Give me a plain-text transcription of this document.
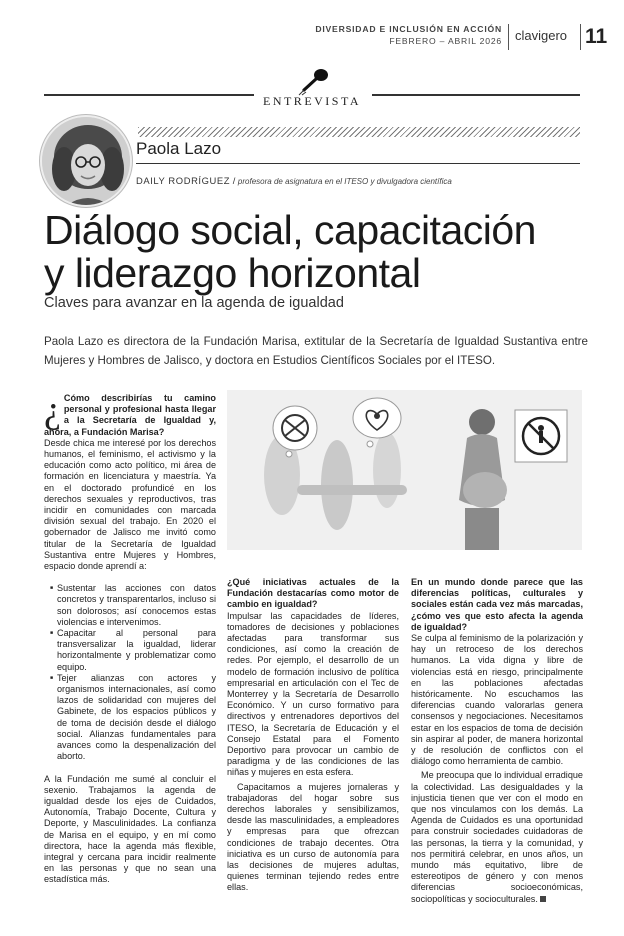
DIVERSIDAD E INCLUSIÓN EN ACCIÓN
FEBRERO – ABRIL 2026 clavigero 11
ENTREVISTA
Paola Lazo
DAILY RODRÍGUEZ / profesora de asignatura en el ITESO y divulgadora científica
Diálogo social, capacitación
y liderazgo horizontal
Claves para avanzar en la agenda de igualdad

Paola Lazo es directora de la Fundación Marisa, extitular de la Secretaría de Igualdad Sustantiva entre Mujeres y Hombres de Jalisco, y doctora en Estudios Científicos Sociales por el ITESO.

¿ Cómo describirías tu camino personal y profesional hasta llegar a la Secretaría de Igualdad y, ahora, a Fundación Marisa?

Desde chica me interesé por los derechos humanos, el feminismo, el activismo y la educación como acto político, mi área de formación en licenciatura y maestría. Ya en el doctorado profundicé en los derechos sexuales y reproductivos, tras incidir en comunidades con marcada división sexual del trabajo. En 2020 el gobernador de Jalisco me invitó como titular de la Secretaría de Igualdad Sustantiva entre Mujeres y Hombres, espacio donde aprendí a:

■ Sustentar las acciones con datos concretos y transparentarlos, incluso si son dolorosos; así conocemos estas violencias e intervenimos.
■ Capacitar al personal para transversalizar la igualdad, liderar horizontalmente y problematizar como equipo.
■ Tejer alianzas con actores y organismos internacionales, así como lazos de solidaridad con mujeres del Gabinete, de los espacios públicos y de toma de decisión desde el diálogo social. Alianzas fundamentales para avances como la despenalización del aborto.

A la Fundación me sumé al concluir el sexenio. Trabajamos la agenda de igualdad desde los ejes de Cuidados, Autonomía, Trabajo Docente, Cultura y Deporte, y Masculinidades. La confianza de Marisa en el equipo, y en mí como directora, hace la agenda más flexible, integral y cercana para incidir realmente en las personas y que no sean una estadística más.

¿Qué iniciativas actuales de la Fundación destacarías como motor de cambio en igualdad?

Impulsar las capacidades de líderes, tomadores de decisiones y poblaciones afectadas para transformar sus condiciones, así como la creación de redes. Por ejemplo, el desarrollo de un modelo de formación inclusivo de política empresarial en articulación con el Tec de Monterrey y la Secretaría de Desarrollo Económico. Y un curso formativo para directivos y entrenadores deportivos del ITESO, la Secretaría de Educación y el Consejo Estatal para el Fomento Deportivo para provocar un cambio de paradigma y de las condiciones de las niñas y mujeres en esta esfera.

Capacitamos a mujeres jornaleras y trabajadoras del hogar sobre sus derechos laborales y sensibilizamos, desde las masculinidades, a empleadores y empresas para que ofrezcan condiciones de trabajo decentes. Otra iniciativa es un curso de autonomía para las decisiones de mujeres adultas, quienes terminan tejiendo redes entre ellas.

En un mundo donde parece que las diferencias políticas, culturales y sociales están cada vez más marcadas, ¿cómo ves que esto afecta la agenda de igualdad?

Se culpa al feminismo de la polarización y hay un retroceso de los derechos humanos. La vida digna y libre de violencias está en riesgo, principalmente en las poblaciones afectadas históricamente. No escuchamos las diferencias cuando valorarlas genera consensos y negociaciones. Necesitamos estar en los espacios de toma de decisión sin aspirar al poder, de manera horizontal y de resolución de conflictos con el diálogo como herramienta de cambio.

Me preocupa que lo individual erradique la colectividad. Las desigualdades y la injusticia tienen que ver con el modo en que nos vinculamos con los demás. La Agenda de Cuidados es una oportunidad para construir sociedades cuidadoras de las personas, la tierra y la comunidad, y nos permitirá celebrar, en unos años, un mundo más equitativo, libre de estereotipos de género y con menos diferencias socioeconómicas, sociopolíticas y socioculturales.
